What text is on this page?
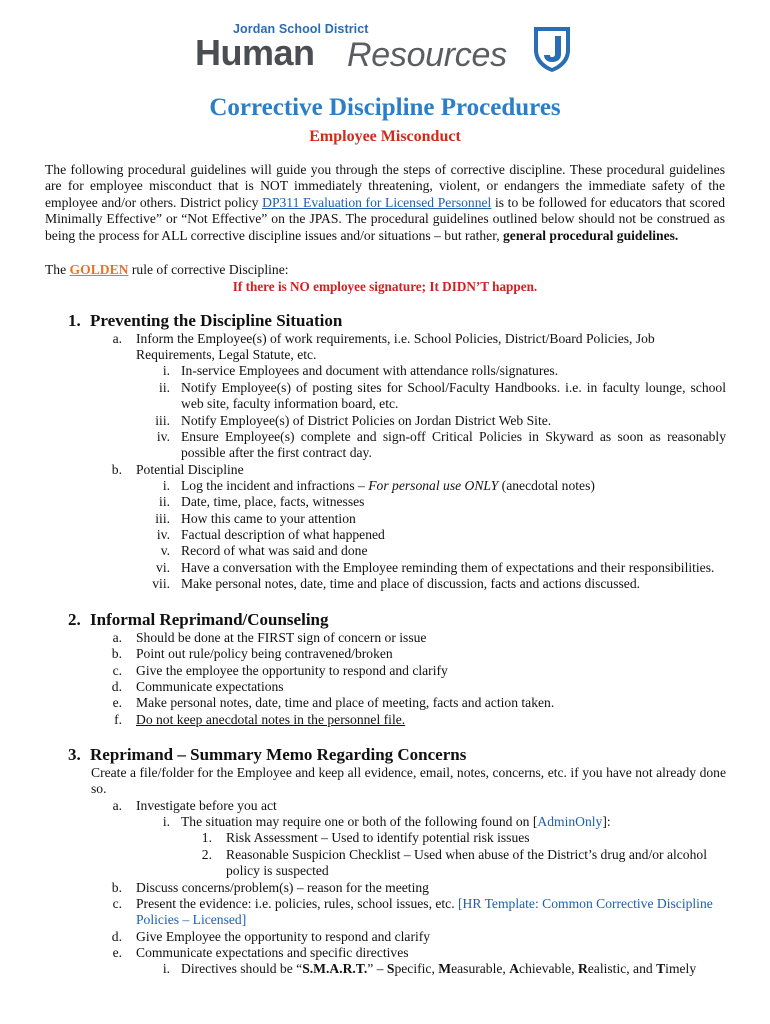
Jordan School District
Human Resources
Corrective Discipline Procedures
Employee Misconduct
The following procedural guidelines will guide you through the steps of corrective discipline. These procedural guidelines are for employee misconduct that is NOT immediately threatening, violent, or endangers the immediate safety of the employee and/or others. District policy DP311 Evaluation for Licensed Personnel is to be followed for educators that scored Minimally Effective” or “Not Effective” on the JPAS. The procedural guidelines outlined below should not be construed as being the process for ALL corrective discipline issues and/or situations – but rather, general procedural guidelines.
The GOLDEN rule of corrective Discipline:
If there is NO employee signature; It DIDN’T happen.
1. Preventing the Discipline Situation
a. Inform the Employee(s) of work requirements, i.e. School Policies, District/Board Policies, Job Requirements, Legal Statute, etc.
i. In-service Employees and document with attendance rolls/signatures.
ii. Notify Employee(s) of posting sites for School/Faculty Handbooks. i.e. in faculty lounge, school web site, faculty information board, etc.
iii. Notify Employee(s) of District Policies on Jordan District Web Site.
iv. Ensure Employee(s) complete and sign-off Critical Policies in Skyward as soon as reasonably possible after the first contract day.
b. Potential Discipline
i. Log the incident and infractions – For personal use ONLY (anecdotal notes)
ii. Date, time, place, facts, witnesses
iii. How this came to your attention
iv. Factual description of what happened
v. Record of what was said and done
vi. Have a conversation with the Employee reminding them of expectations and their responsibilities.
vii. Make personal notes, date, time and place of discussion, facts and actions discussed.
2. Informal Reprimand/Counseling
a. Should be done at the FIRST sign of concern or issue
b. Point out rule/policy being contravened/broken
c. Give the employee the opportunity to respond and clarify
d. Communicate expectations
e. Make personal notes, date, time and place of meeting, facts and action taken.
f. Do not keep anecdotal notes in the personnel file.
3. Reprimand – Summary Memo Regarding Concerns
Create a file/folder for the Employee and keep all evidence, email, notes, concerns, etc. if you have not already done so.
a. Investigate before you act
i. The situation may require one or both of the following found on [AdminOnly]:
1. Risk Assessment – Used to identify potential risk issues
2. Reasonable Suspicion Checklist – Used when abuse of the District’s drug and/or alcohol policy is suspected
b. Discuss concerns/problem(s) – reason for the meeting
c. Present the evidence: i.e. policies, rules, school issues, etc. [HR Template: Common Corrective Discipline Policies – Licensed]
d. Give Employee the opportunity to respond and clarify
e. Communicate expectations and specific directives
i. Directives should be “S.M.A.R.T.” – Specific, Measurable, Achievable, Realistic, and Timely
